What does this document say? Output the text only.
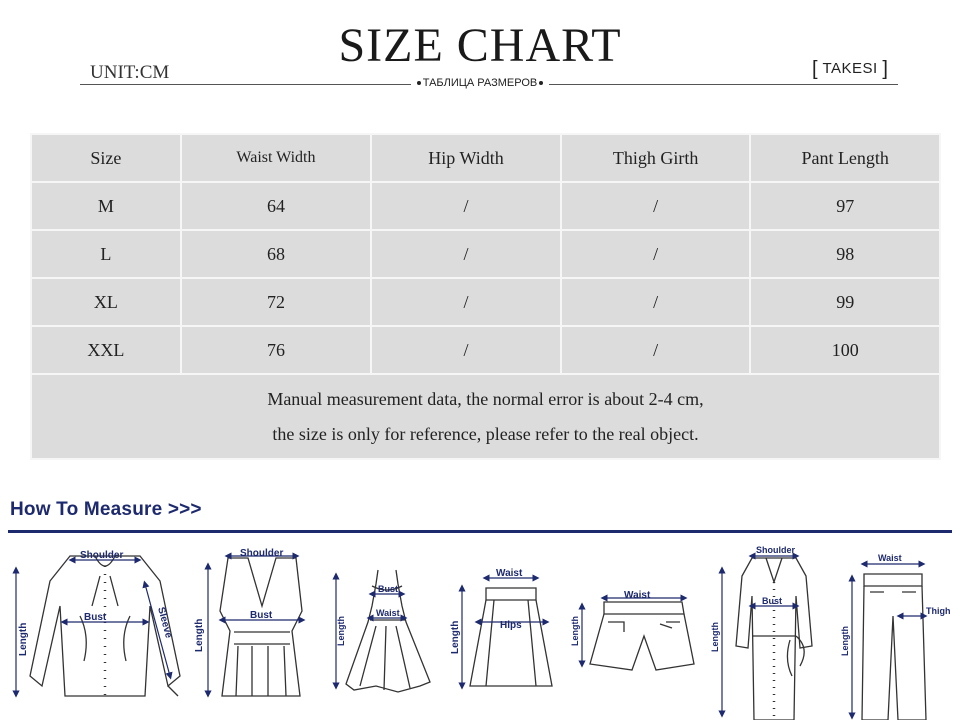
SIZE CHART
UNIT:CM	[ TAKESI ]
ТАБЛИЦА РАЗМЕРОВ
Size	Waist Width	Hip Width	Thigh Girth	Pant Length
M	64	/	/	97
L	68	/	/	98
XL	72	/	/	99
XXL	76	/	/	100

Manual measurement data, the normal error is about 2-4 cm,
the size is only for reference, please refer to the real object.				
How To Measure >>>
Shoulder
Bust
Length	Sleeve
Shoulder
Bust
Length
Bust
Waist
Length
Waist
Hips
Length
Waist
Length
Shoulder
Bust
Length
Waist
Thigh
Length
